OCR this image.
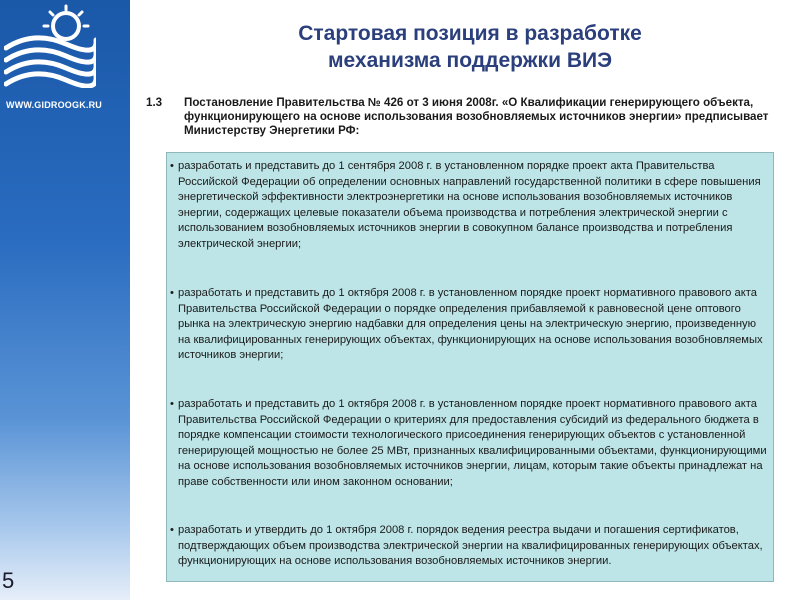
WWW.GIDROOGK.RU
5
Стартовая позиция в разработке
механизма поддержки ВИЭ
1.3 Постановление Правительства № 426 от 3 июня 2008г. «О Квалификации генерирующего объекта, функционирующего на основе использования возобновляемых источников энергии» предписывает Министерству Энергетики РФ:
• разработать и представить до 1 сентября 2008 г. в установленном порядке проект акта Правительства Российской Федерации об определении основных направлений государственной политики в сфере повышения энергетической эффективности электроэнергетики на основе использования возобновляемых источников энергии, содержащих целевые показатели объема производства и потребления электрической энергии с использованием возобновляемых источников энергии в совокупном балансе производства и потребления электрической энергии;
• разработать и представить до 1 октября 2008 г. в установленном порядке проект нормативного правового акта Правительства Российской Федерации о порядке определения прибавляемой к равновесной цене оптового рынка на электрическую энергию надбавки для определения цены на электрическую энергию, произведенную на квалифицированных генерирующих объектах, функционирующих на основе использования возобновляемых источников энергии;
• разработать и представить до 1 октября 2008 г. в установленном порядке проект нормативного правового акта Правительства Российской Федерации о критериях для предоставления субсидий из федерального бюджета в порядке компенсации стоимости технологического присоединения генерирующих объектов с установленной генерирующей мощностью не более 25 МВт, признанных квалифицированными объектами, функционирующими на основе использования возобновляемых источников энергии, лицам, которым такие объекты принадлежат на праве собственности или ином законном основании;
• разработать и утвердить до 1 октября 2008 г. порядок ведения реестра выдачи и погашения сертификатов, подтверждающих объем производства электрической энергии на квалифицированных генерирующих объектах, функционирующих на основе использования возобновляемых источников энергии.
